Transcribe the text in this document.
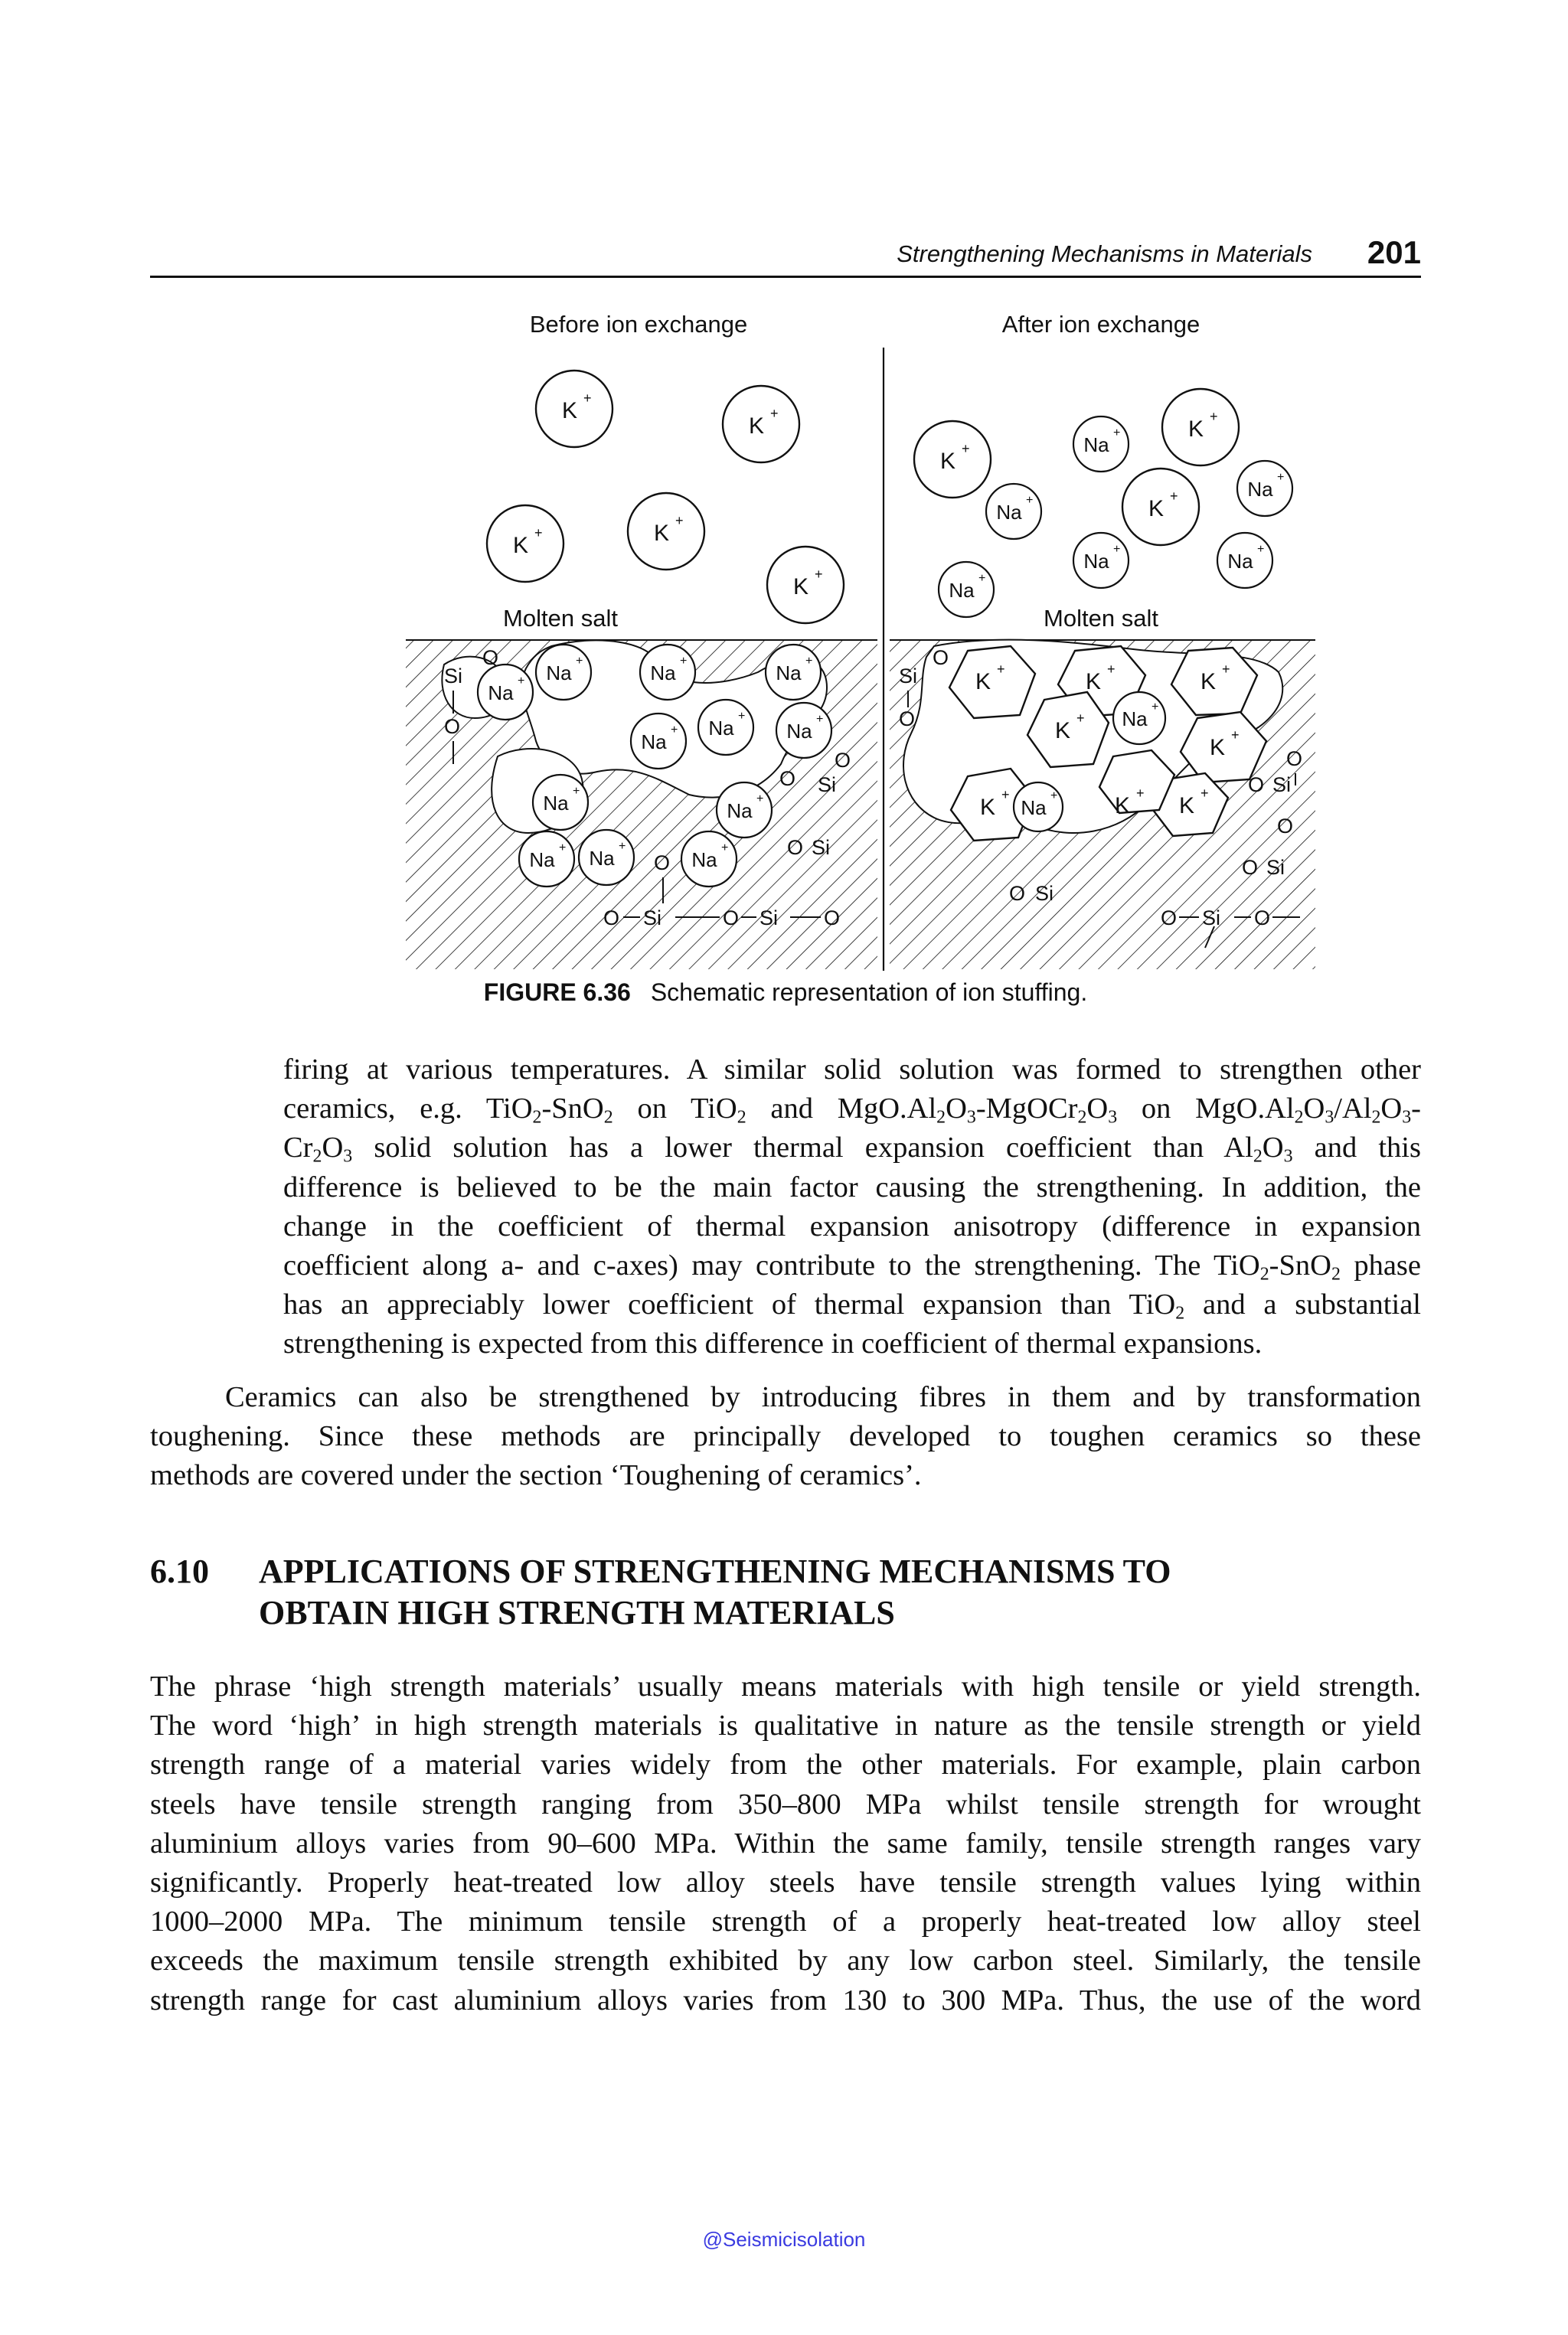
Strengthening Mechanisms in Materials 201
Before ion exchange	After ion exchange
Molten salt	Molten salt
K +
K +
K +	K +
K +
Na
+ Na
+
Na
+
Na
+
Na
+ Na
+
Na
+
Na
+
Na
+
Na
+ Na
+
Na
+
Si
O
O
O
Si
O
O Si
O
O Si	O Si O
Na
+
Na
+	Na
+
Na
+
Na
+
Na
+
K +
K +
K +
K +	K +	K +
K + Na
+
K +
K +	K +
K +
Na
+
Si
O
O
O
O Si
O
O Si
O Si
O Si O
FIGURE 6.36 Schematic representation of ion stuffing.
firing at various temperatures. A similar solid solution was formed to strengthen other
ceramics, e.g. TiO$_2$-SnO$_2$ on TiO$_2$ and $MgO.Al_2O_3-MgOCr_2O_3$ on $MgO.Al_2O_3/Al_2O_3-$
$Cr_2O_3$ solid solution has a lower thermal expansion coefficient than $Al_2O_3$ and this
difference is believed to be the main factor causing the strengthening. In addition, the
change in the coefficient of thermal expansion anisotropy (difference in expansion
coefficient along a- and c-axes) may contribute to the strengthening. The TiO$_2$-SnO$_2$ phase
has an appreciably lower coefficient of thermal expansion than TiO$_2$ and a substantial
strengthening is expected from this difference in coefficient of thermal expansions.
Ceramics can also be strengthened by introducing fibres in them and by transformation
toughening. Since these methods are principally developed to toughen ceramics so these
methods are covered under the section ‘Toughening of ceramics’.
6.10 APPLICATIONS OF STRENGTHENING MECHANISMS TO
OBTAIN HIGH STRENGTH MATERIALS
The phrase ‘high strength materials’ usually means materials with high tensile or yield strength.
The word ‘high’ in high strength materials is qualitative in nature as the tensile strength or yield
strength range of a material varies widely from the other materials. For example, plain carbon
steels have tensile strength ranging from 350–800 MPa whilst tensile strength for wrought
aluminium alloys varies from 90–600 MPa. Within the same family, tensile strength ranges vary
significantly. Properly heat-treated low alloy steels have tensile strength values lying within
1000–2000 MPa. The minimum tensile strength of a properly heat-treated low alloy steel
exceeds the maximum tensile strength exhibited by any low carbon steel. Similarly, the tensile
strength range for cast aluminium alloys varies from 130 to 300 MPa. Thus, the use of the word
@Seismicisolation
